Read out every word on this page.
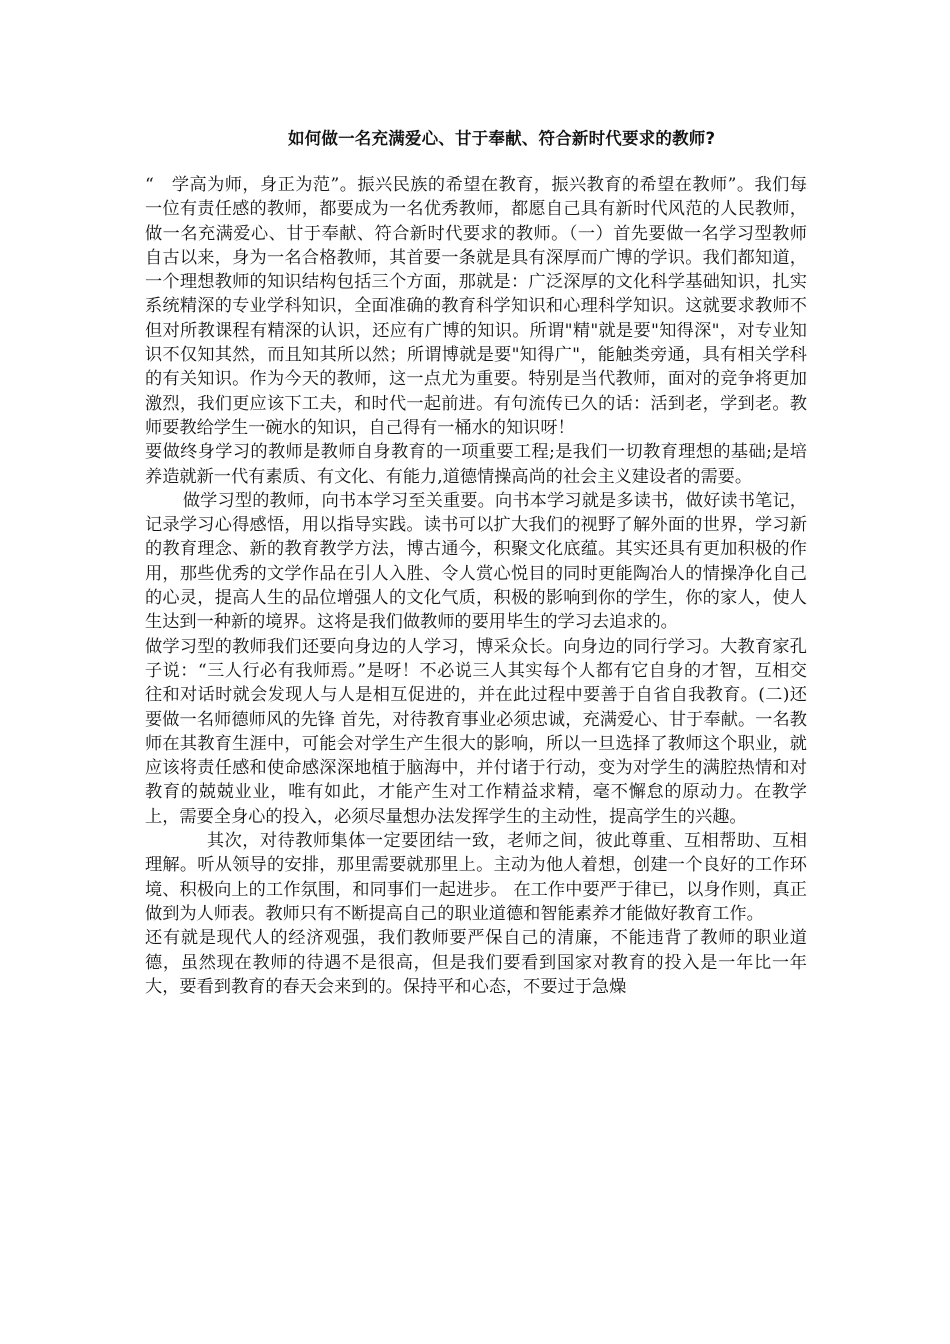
如何做一名充满爱心、甘于奉献、符合新时代要求的教师?

“　学高为师，身正为范”。振兴民族的希望在教育，振兴教育的希望在教师”。我们每一位有责任感的教师，都要成为一名优秀教师，都愿自己具有新时代风范的人民教师，做一名充满爱心、甘于奉献、符合新时代要求的教师。（一）首先要做一名学习型教师 自古以来，身为一名合格教师，其首要一条就是具有深厚而广博的学识。我们都知道，一个理想教师的知识结构包括三个方面，那就是：广泛深厚的文化科学基础知识，扎实系统精深的专业学科知识，全面准确的教育科学知识和心理科学知识。这就要求教师不但对所教课程有精深的认识，还应有广博的知识。所谓"精"就是要"知得深"，对专业知识不仅知其然，而且知其所以然；所谓博就是要"知得广"，能触类旁通，具有相关学科的有关知识。作为今天的教师，这一点尤为重要。特别是当代教师，面对的竞争将更加激烈，我们更应该下工夫，和时代一起前进。有句流传已久的话：活到老，学到老。教师要教给学生一碗水的知识，自己得有一桶水的知识呀！

要做终身学习的教师是教师自身教育的一项重要工程;是我们一切教育理想的基础;是培养造就新一代有素质、有文化、有能力,道德情操高尚的社会主义建设者的需要。

做学习型的教师，向书本学习至关重要。向书本学习就是多读书，做好读书笔记，记录学习心得感悟，用以指导实践。读书可以扩大我们的视野了解外面的世界，学习新的教育理念、新的教育教学方法，博古通今，积聚文化底蕴。其实还具有更加积极的作用，那些优秀的文学作品在引人入胜、令人赏心悦目的同时更能陶冶人的情操净化自己的心灵，提高人生的品位增强人的文化气质，积极的影响到你的学生，你的家人，使人生达到一种新的境界。这将是我们做教师的要用毕生的学习去追求的。

做学习型的教师我们还要向身边的人学习，博采众长。向身边的同行学习。大教育家孔子说：“三人行必有我师焉。”是呀！不必说三人其实每个人都有它自身的才智，互相交往和对话时就会发现人与人是相互促进的，并在此过程中要善于自省自我教育。(二)还要做一名师德师风的先锋 首先，对待教育事业必须忠诚，充满爱心、甘于奉献。一名教师在其教育生涯中，可能会对学生产生很大的影响，所以一旦选择了教师这个职业，就应该将责任感和使命感深深地植于脑海中，并付诸于行动，变为对学生的满腔热情和对教育的兢兢业业，唯有如此，才能产生对工作精益求精，毫不懈怠的原动力。在教学上，需要全身心的投入，必须尽量想办法发挥学生的主动性，提高学生的兴趣。

其次，对待教师集体一定要团结一致，老师之间，彼此尊重、互相帮助、互相理解。听从领导的安排，那里需要就那里上。主动为他人着想，创建一个良好的工作环境、积极向上的工作氛围，和同事们一起进步。 在工作中要严于律已，以身作则，真正做到为人师表。教师只有不断提高自己的职业道德和智能素养才能做好教育工作。

还有就是现代人的经济观强，我们教师要严保自己的清廉，不能违背了教师的职业道德，虽然现在教师的待遇不是很高，但是我们要看到国家对教育的投入是一年比一年大，要看到教育的春天会来到的。保持平和心态，不要过于急燥
